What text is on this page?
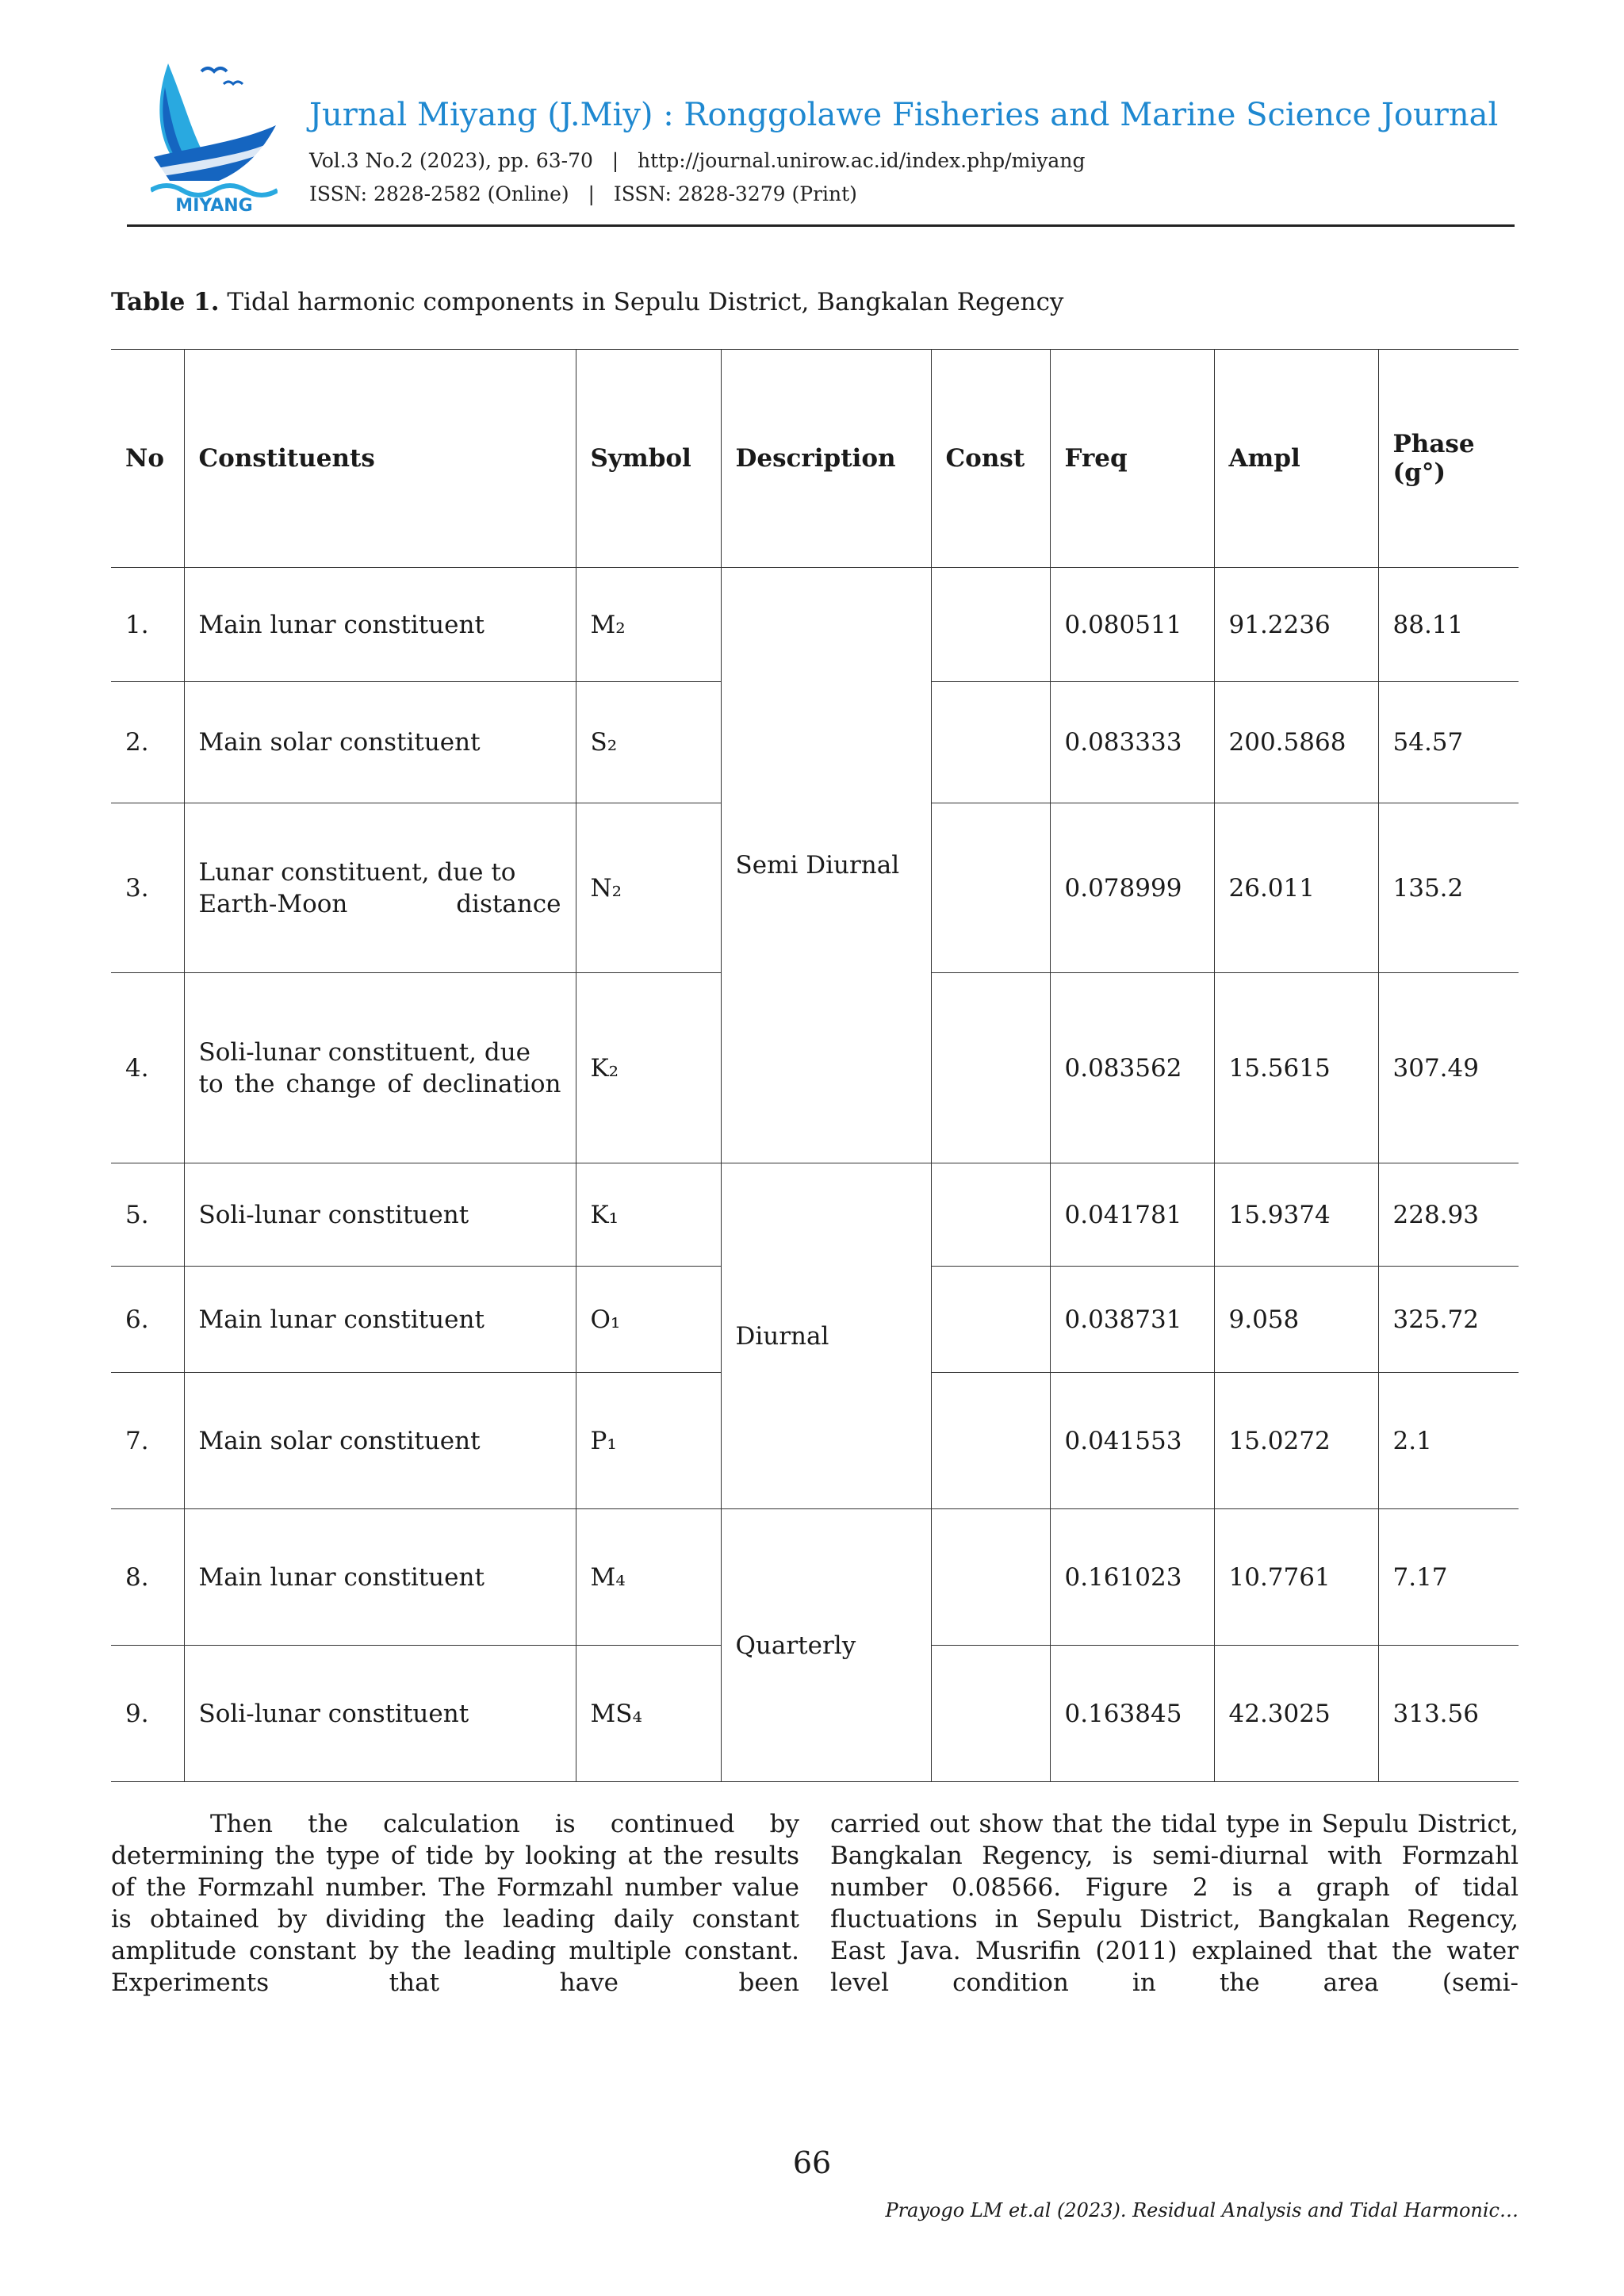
MIYANG
Jurnal Miyang (J.Miy) : Ronggolawe Fisheries and Marine Science Journal
Vol.3 No.2 (2023), pp. 63-70 | http://journal.unirow.ac.id/index.php/miyang
ISSN: 2828-2582 (Online) | ISSN: 2828-3279 (Print)
Table 1. Tidal harmonic components in Sepulu District, Bangkalan Regency
No	Constituents	Symbol	Description	Const	Freq	Ampl	Phase
(g°)
1.	Main lunar constituent	M₂	Semi Diurnal		0.080511	91.2236	88.11
2.	Main solar constituent	S₂			0.083333	200.5868	54.57
3.	Lunar constituent, due to Earth-Moon distance	N₂			0.078999	26.011	135.2
4.	Soli-lunar constituent, due to the change of declination	K₂			0.083562	15.5615	307.49
5.	Soli-lunar constituent	K₁	Diurnal		0.041781	15.9374	228.93
6.	Main lunar constituent	O₁			0.038731	9.058	325.72
7.	Main solar constituent	P₁			0.041553	15.0272	2.1
8.	Main lunar constituent	M₄	Quarterly		0.161023	10.7761	7.17
9.	Soli-lunar constituent	MS₄			0.163845	42.3025	313.56
Then the calculation is continued by determining the type of tide by looking at the results of the Formzahl number. The Formzahl number value is obtained by dividing the leading daily constant amplitude constant by the leading multiple constant. Experiments that have been
carried out show that the tidal type in Sepulu District, Bangkalan Regency, is semi-diurnal with Formzahl number 0.08566. Figure 2 is a graph of tidal fluctuations in Sepulu District, Bangkalan Regency, East Java. Musrifin (2011) explained that the water level condition in the area (semi-
66
Prayogo LM et.al (2023). Residual Analysis and Tidal Harmonic…
